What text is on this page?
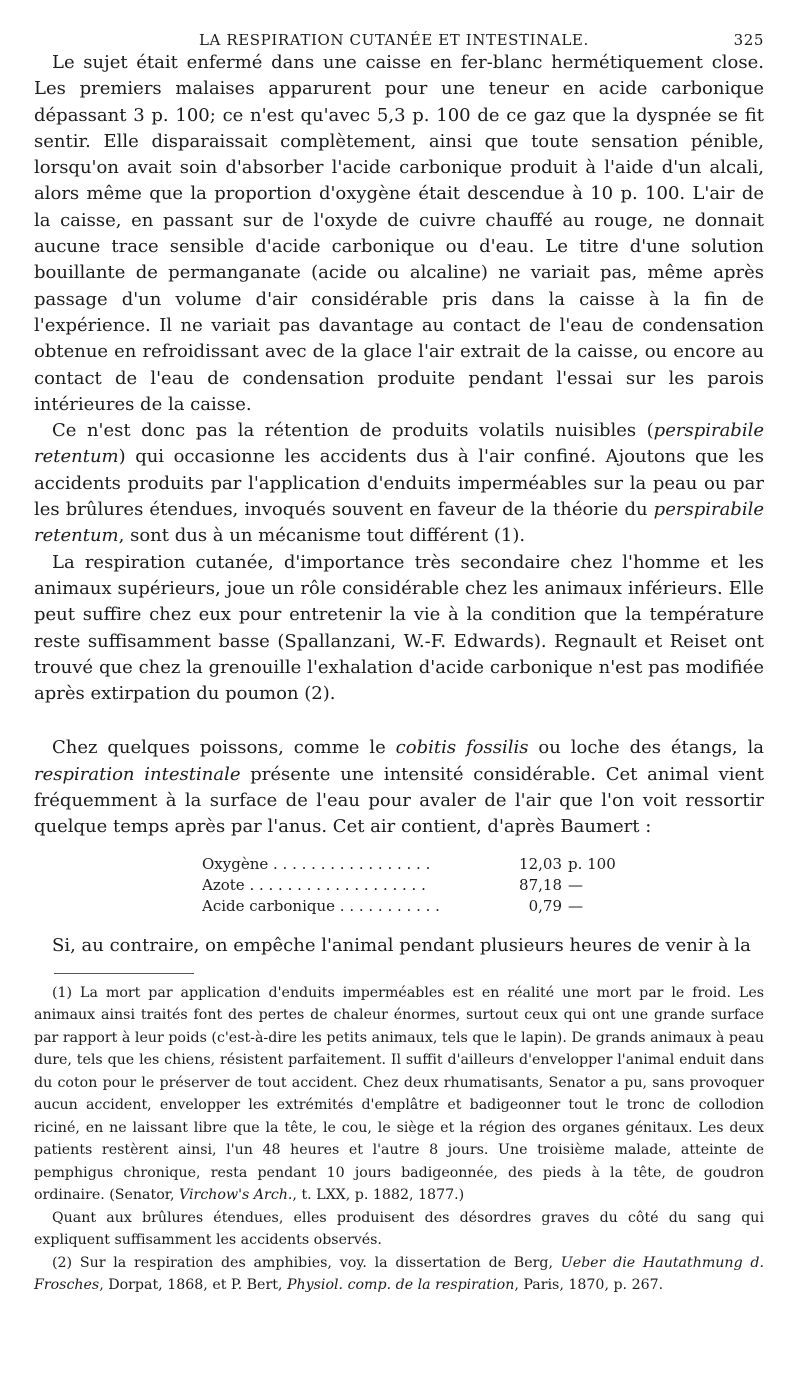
LA RESPIRATION CUTANÉE ET INTESTINALE.	325

Le sujet était enfermé dans une caisse en fer-blanc hermétiquement close. Les premiers malaises apparurent pour une teneur en acide carbonique dépassant 3 p. 100; ce n'est qu'avec 5,3 p. 100 de ce gaz que la dyspnée se fit sentir. Elle disparaissait complètement, ainsi que toute sensation pénible, lorsqu'on avait soin d'absorber l'acide carbonique produit à l'aide d'un alcali, alors même que la proportion d'oxygène était descendue à 10 p. 100. L'air de la caisse, en passant sur de l'oxyde de cuivre chauffé au rouge, ne donnait aucune trace sensible d'acide carbonique ou d'eau. Le titre d'une solution bouillante de permanganate (acide ou alcaline) ne variait pas, même après passage d'un volume d'air considérable pris dans la caisse à la fin de l'expérience. Il ne variait pas davantage au contact de l'eau de condensation obtenue en refroidissant avec de la glace l'air extrait de la caisse, ou encore au contact de l'eau de condensation produite pendant l'essai sur les parois intérieures de la caisse.

Ce n'est donc pas la rétention de produits volatils nuisibles (perspirabile retentum) qui occasionne les accidents dus à l'air confiné. Ajoutons que les accidents produits par l'application d'enduits imperméables sur la peau ou par les brûlures étendues, invoqués souvent en faveur de la théorie du perspirabile retentum, sont dus à un mécanisme tout différent (1).

La respiration cutanée, d'importance très secondaire chez l'homme et les animaux supérieurs, joue un rôle considérable chez les animaux inférieurs. Elle peut suffire chez eux pour entretenir la vie à la condition que la température reste suffisamment basse (Spallanzani, W.-F. Edwards). Regnault et Reiset ont trouvé que chez la grenouille l'exhalation d'acide carbonique n'est pas modifiée après extirpation du poumon (2).

Chez quelques poissons, comme le cobitis fossilis ou loche des étangs, la respiration intestinale présente une intensité considérable. Cet animal vient fréquemment à la surface de l'eau pour avaler de l'air que l'on voit ressortir quelque temps après par l'anus. Cet air contient, d'après Baumert :

Oxygène . . . . . . . . . . . . . . . . .	12,03	p. 100
Azote . . . . . . . . . . . . . . . . . . .	87,18	—
Acide carbonique . . . . . . . . . . .	0,79	—

Si, au contraire, on empêche l'animal pendant plusieurs heures de venir à la

(1) La mort par application d'enduits imperméables est en réalité une mort par le froid. Les animaux ainsi traités font des pertes de chaleur énormes, surtout ceux qui ont une grande surface par rapport à leur poids (c'est-à-dire les petits animaux, tels que le lapin). De grands animaux à peau dure, tels que les chiens, résistent parfaitement. Il suffit d'ailleurs d'envelopper l'animal enduit dans du coton pour le préserver de tout accident. Chez deux rhumatisants, Senator a pu, sans provoquer aucun accident, envelopper les extrémités d'emplâtre et badigeonner tout le tronc de collodion riciné, en ne laissant libre que la tête, le cou, le siège et la région des organes génitaux. Les deux patients restèrent ainsi, l'un 48 heures et l'autre 8 jours. Une troisième malade, atteinte de pemphigus chronique, resta pendant 10 jours badigeonnée, des pieds à la tête, de goudron ordinaire. (Senator, Virchow's Arch., t. LXX, p. 1882, 1877.)

Quant aux brûlures étendues, elles produisent des désordres graves du côté du sang qui expliquent suffisamment les accidents observés.

(2) Sur la respiration des amphibies, voy. la dissertation de Berg, Ueber die Hautathmung d. Frosches, Dorpat, 1868, et P. Bert, Physiol. comp. de la respiration, Paris, 1870, p. 267.
